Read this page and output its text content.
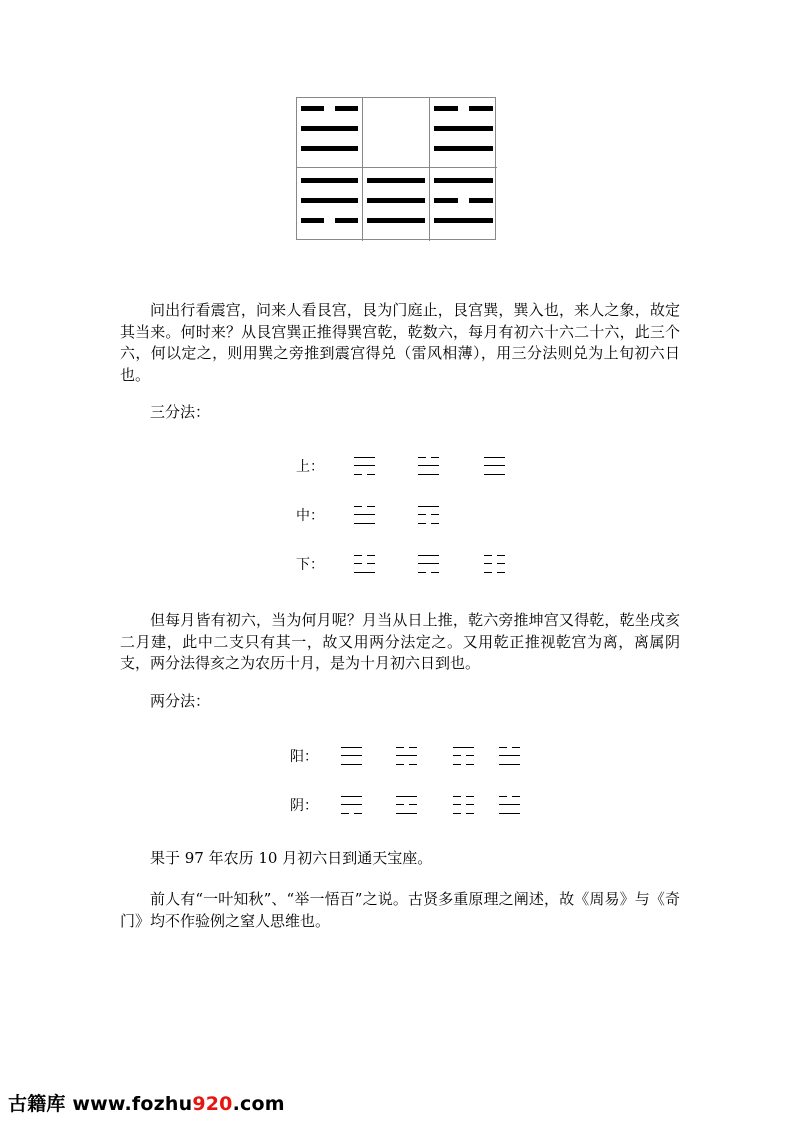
问出行看震宫，问来人看艮宫，艮为门庭止，艮宫巽，巽入也，来人之象，故定其当来。何时来？从艮宫巽正推得巽宫乾，乾数六，每月有初六十六二十六，此三个六，何以定之，则用巽之旁推到震宫得兑（雷风相薄），用三分法则兑为上旬初六日也。

三分法：
上：
中：
下：

但每月皆有初六，当为何月呢？月当从日上推，乾六旁推坤宫又得乾，乾坐戌亥二月建，此中二支只有其一，故又用两分法定之。又用乾正推视乾宫为离，离属阴支，两分法得亥之为农历十月，是为十月初六日到也。

两分法：
阳：
阴：

果于 97 年农历 10 月初六日到通天宝座。

前人有“一叶知秋”、“举一悟百”之说。古贤多重原理之阐述，故《周易》与《奇门》均不作验例之窒人思维也。

古籍库 www.fozhu920.com
